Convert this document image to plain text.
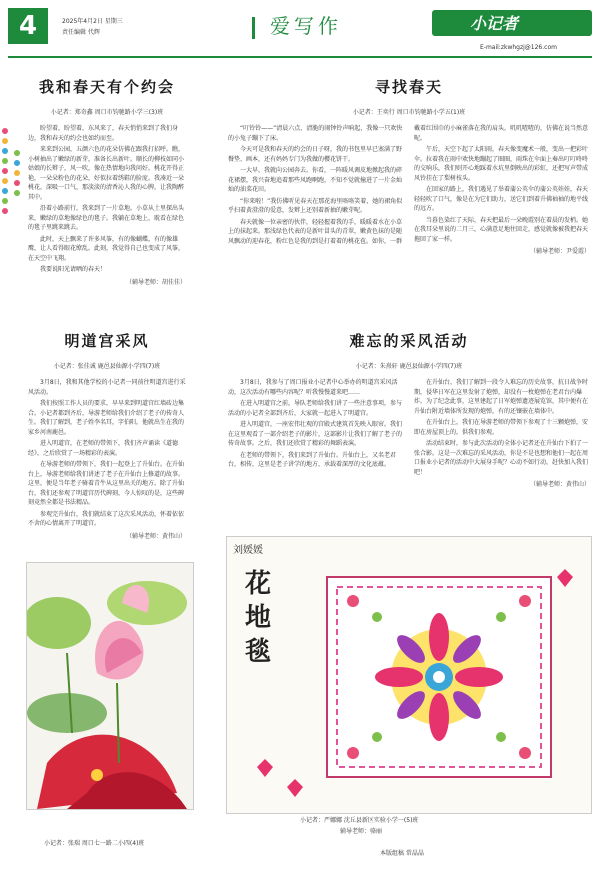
4	2025年4月2日 星期三
责任编辑 代辉	爱写作	小记者
E-mail:zkwhgzj@126.com
我和春天有个约会
小记者：郑奇鑫 周口市钧驰路小学三(3)班

盼望着，盼望着，东风来了，春天悄悄来到了我们身边，我和春天的约会也如约而至。

来来到公园，五颜六色的花朵仿佛在跟我打招呼。瞧，小树抽出了嫩绿的新芽，准备长出新叶。顺长的柳枝如同小姑娘的长辫子，风一吹，像在热情地向我问好。桃花开得正艳，一朵朵粉色的花朵，好似拉着绣鞋的脸庞。我凑近一朵桃花，深吸一口气，那淡淡的清香沁人我的心脾，让我陶醉其中。

沿着小路前行，我来到了一片草地。小草从土里探出头来，嫩绿的草地像绿色的毯子。我躺在草地上，耽看在绿色的毯子里跳来跳去。

此时，天上飘来了许多风筝，有的像蝴蝶，有的像雄鹰，让人看得眼花缭乱。此刻，我觉得自己也变成了风筝，在天空中飞翔。

我要说阳光请晒的春天！

（辅导老师：胡佳佳）
寻找春天
小记者：王奕行 周口市钧驰路小学五(1)班

“叮铃铃——”清晨六点，清脆的闹钟铃声响起，我像一只欢快的小兔子蹦下了床。

今天可是我和春天的约会的日子呀，我的书包里早已塞满了野餐垫、画本，还有妈妈专门为我做的樱花饼干。

一大早，我就向公园奔去。你看，一阵暖风调皮地掀起我的碎花裙摆，我兴奋地追着那些风跑啊跑，不知不觉就撞进了一片金灿灿的油菜花田。

“你来啦！”我仿佛听见春天在那花海里咯咯笑着，她的裙角似乎扫着黄澄澄的爱意，发辫上还别着新抽的嫩芽呢。

春天就像一位亲密的伙伴，轻轻握着我的手，暖暖着水在小草上的抹起来。那浅绿色代表的是新叶冒头的青翠，嫩黄色抹的是随风飘动的迎春花，粉红色是我的到是打着着的桃花苞。如你，一群戴着红围巾的小麻雀落在我的肩头，叽叽喳喳的，仿佛在说当然意呢。

午后，天空下起了太阳雨，春天像变魔术一般，变出一把彩叶伞。拉着我在雨中欢快地蹦起了圈圈，雨珠在伞面上奏出叮叮咚咚的交响乐，我们则开心地踩着水坑里倒映出的彩虹，还把写声带成风铃挂在了梨树枝头。

在回家的路上，我们遇见了举着蒲公英伞的蒲公英娃娃，春天轻轻吹了口气，像是在为它们助力，送它们到着升佛袖袖的地平线的远方。

当暮色染红了天际，春天把最后一朵晚霞别在着晨的发梢。她在我耳朵里说的二月三，心满意足地往回走，感觉就像被我把春天拖回了家一样。

（辅导老师：尹爱霞）
明道宫采风
小记者：张佳诚 鹿邑县仙源小学四(7)班

3月8日，我和其他学校的小记者一同前往明道宫进行采风活动。

我们按照工作人员的要求，早早来到明道宫红墙砖边集合。小记者都到齐后，导游老师给我们介绍了老子的传奇人生。我们了解到，老子姓李名耳，字伯阳，他就出生在我的家乡河南鹿邑。

进入明道宫，在老师的带领下，我们齐声诵读《道德经》，之后欣赏了一场精彩的表演。

在导游老师的带领下，我们一起登上了升仙台。在升仙台上，导游老师给我们讲述了老子在升仙台上修道的故事。这里，便是当年老子骑着青牛从这里出关的地方。除了升仙台，我们还参观了明道宫历代碑刻，今人惊叹的是，这些碑刻竟然全都是书法精品。

参观完升仙台，我们就结束了这次采风活动，怀着依依不舍的心情离开了明道宫。

（辅导老师：黄伟山）
难忘的采风活动
小记者：朱熹轩 鹿邑县仙源小学四(7)班

3月8日，我参与了周口报业小记者中心举办的明道宫采风活动，这次活动有哪些内容呢？听我慢慢道来吧……

在进入明道宫之前，导队老师给我们讲了一些注意事项，参与活动的小记者全部到齐后，大家就一起进入了明道宫。

进入明道宫，一座宏伟壮观的宫殿式建筑首先映入眼帘。我们在这里观看了一部介绍老子的影片，这部影片让我们了解了老子的传奇故事。之后，我们还欣赏了精彩的舞蹈表演。

在老师的带领下，我们来到了升仙台。升仙台上，又名老君台，相传，这里是老子讲学的地方，承载着深厚的文化底蕴。

在升仙台，我们了解到一段令人难忘的历史故事，抗日战争时期，侵华日军在这里发射了炮弹，却没有一枚炮弹在老君台内爆炸。为了纪念此事，这里建起了日军炮弹遗迹展览馆，其中便有在升仙台附近墙体所发现的炮弹，有的还镶嵌在墙体中。

在升仙台上，我们在导游老师的带领下参观了十三颗炮弹，安即在房屋顶上的，供我们参观。

活动结束时，参与此次活动的全体小记者还在升仙台下拍了一张合影。这是一次难忘的采风活动，你是不是也想和他们一起在周口报业小记者的活动中大展身手呢？心动不如行动，赶快加入我们吧！

（辅导老师：黄伟山）
小记者：张瑞 周口七一路二小四(4)班
刘媛媛
花地毯
小记者：严娜娜 沈丘县新区实验小学一(5)班
辅导老师：骆丽
本版组稿 常晶晶
